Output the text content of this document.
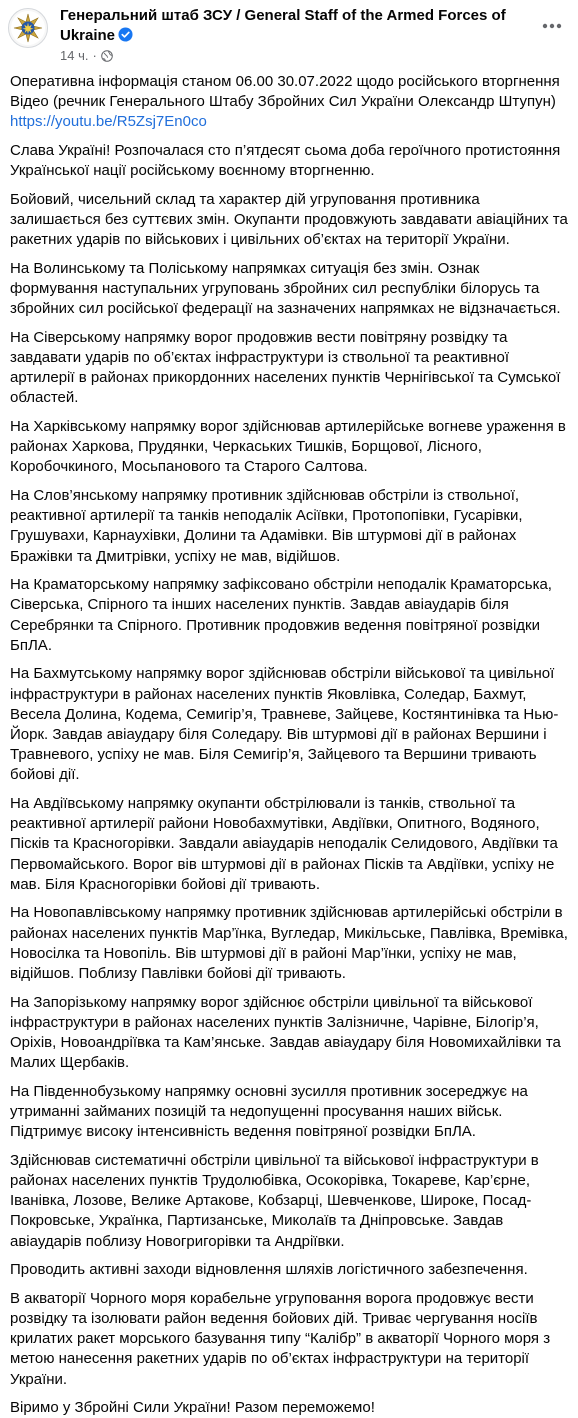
Генеральний штаб ЗСУ / General Staff of the Armed Forces of Ukraine
14 ч. ·

Оперативна інформація станом 06.00 30.07.2022 щодо російського вторгнення
Відео (речник Генерального Штабу Збройних Сил України Олександр Штупун)
https://youtu.be/R5Zsj7En0co

Слава Україні! Розпочалася сто п’ятдесят сьома доба героїчного протистояння Української нації російському воєнному вторгненню.

Бойовий, чисельний склад та характер дій угруповання противника залишається без суттєвих змін. Окупанти продовжують завдавати авіаційних та ракетних ударів по військових і цивільних об’єктах на території України.

На Волинському та Поліському напрямках ситуація без змін. Ознак формування наступальних угруповань збройних сил республіки білорусь та збройних сил російської федерації на зазначених напрямках не відзначається.

На Сіверському напрямку ворог продовжив вести повітряну розвідку та завдавати ударів по об’єктах інфраструктури із ствольної та реактивної артилерії в районах прикордонних населених пунктів Чернігівської та Сумської областей.

На Харківському напрямку ворог здійснював артилерійське вогневе ураження в районах Харкова, Прудянки, Черкаських Тишків, Борщової, Лісного, Коробочкиного, Мосьпанового та Старого Салтова.

На Слов’янському напрямку противник здійснював обстріли із ствольної, реактивної артилерії та танків неподалік Асіївки, Протопопівки, Гусарівки, Грушувахи, Карнаухівки, Долини та Адамівки. Вів штурмові дії в районах Бражівки та Дмитрівки, успіху не мав, відійшов.

На Краматорському напрямку зафіксовано обстріли неподалік Краматорська, Сіверська, Спірного та інших населених пунктів. Завдав авіаударів біля Серебрянки та Спірного. Противник продовжив ведення повітряної розвідки БпЛА.

На Бахмутському напрямку ворог здійснював обстріли військової та цивільної інфраструктури в районах населених пунктів Яковлівка, Соледар, Бахмут, Весела Долина, Кодема, Семигір’я, Травневе, Зайцеве, Костянтинівка та Нью-Йорк. Завдав авіаудару біля Соледару. Вів штурмові дії в районах Вершини і Травневого, успіху не мав. Біля Семигір’я, Зайцевого та Вершини тривають бойові дії.

На Авдіївському напрямку окупанти обстрілювали із танків, ствольної та реактивної артилерії райони Новобахмутівки, Авдіївки, Опитного, Водяного, Пісків та Красногорівки. Завдали авіаударів неподалік Селидового, Авдіївки та Первомайського. Ворог вів штурмові дії в районах Пісків та Авдіївки, успіху не мав. Біля Красногорівки бойові дії тривають.

На Новопавлівському напрямку противник здійснював артилерійські обстріли в районах населених пунктів Мар’їнка, Вугледар, Микільське, Павлівка, Времівка, Новосілка та Новопіль. Вів штурмові дії в районі Мар’їнки, успіху не мав, відійшов. Поблизу Павлівки бойові дії тривають.

На Запорізькому напрямку ворог здійснює обстріли цивільної та військової інфраструктури в районах населених пунктів Залізничне, Чарівне, Білогір’я, Оріхів, Новоандріївка та Кам’янське. Завдав авіаудару біля Новомихайлівки та Малих Щербаків.

На Південнобузькому напрямку основні зусилля противник зосереджує на утриманні займаних позицій та недопущенні просування наших військ. Підтримує високу інтенсивність ведення повітряної розвідки БпЛА.

Здійснював систематичні обстріли цивільної та військової інфраструктури в районах населених пунктів Трудолюбівка, Осокорівка, Токареве, Кар’єрне, Іванівка, Лозове, Велике Артакове, Кобзарці, Шевченкове, Широке, Посад-Покровське, Українка, Партизанське, Миколаїв та Дніпровське. Завдав авіаударів поблизу Новогригорівки та Андріївки.

Проводить активні заходи відновлення шляхів логістичного забезпечення.

В акваторії Чорного моря корабельне угруповання ворога продовжує вести розвідку та ізолювати район ведення бойових дій. Триває чергування носіїв крилатих ракет морського базування типу “Калібр” в акваторії Чорного моря з метою нанесення ракетних ударів по об’єктах інфраструктури на території України.

Віримо у Збройні Сили України! Разом переможемо!
